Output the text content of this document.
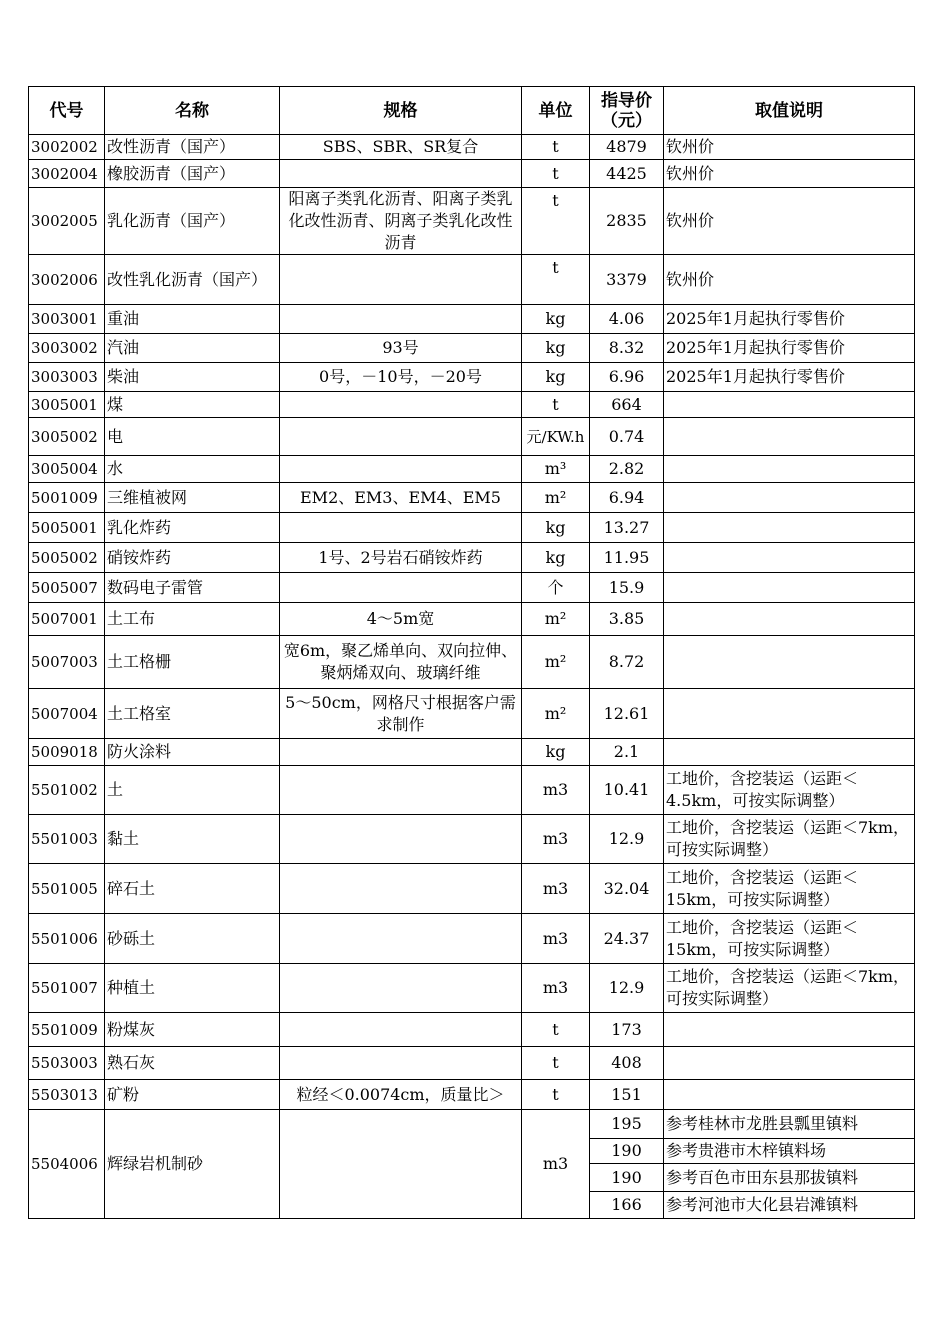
代号	名称	规格	单位	指导价（元）	取值说明
3002002	改性沥青（国产）	SBS、SBR、SR复合	t	4879	钦州价
3002004	橡胶沥青（国产）		t	4425	钦州价
3002005	乳化沥青（国产）	阳离子类乳化沥青、阳离子类乳化改性沥青、阴离子类乳化改性沥青	t	2835	钦州价
3002006	改性乳化沥青（国产）		t	3379	钦州价
3003001	重油		kg	4.06	2025年1月起执行零售价
3003002	汽油	93号	kg	8.32	2025年1月起执行零售价
3003003	柴油	0号，－10号，－20号	kg	6.96	2025年1月起执行零售价
3005001	煤		t	664	
3005002	电		元/KW.h	0.74	
3005004	水		m³	2.82	
5001009	三维植被网	EM2、EM3、EM4、EM5	m²	6.94	
5005001	乳化炸药		kg	13.27	
5005002	硝铵炸药	1号、2号岩石硝铵炸药	kg	11.95	
5005007	数码电子雷管		个	15.9	
5007001	土工布	4～5m宽	m²	3.85	
5007003	土工格栅	宽6m，聚乙烯单向、双向拉伸、聚炳烯双向、玻璃纤维	m²	8.72	
5007004	土工格室	5～50cm，网格尺寸根据客户需求制作	m²	12.61	
5009018	防火涂料		kg	2.1	
5501002	土		m3	10.41	工地价，含挖装运（运距＜4.5km，可按实际调整）
5501003	黏土		m3	12.9	工地价，含挖装运（运距＜7km，可按实际调整）
5501005	碎石土		m3	32.04	工地价，含挖装运（运距＜15km，可按实际调整）
5501006	砂砾土		m3	24.37	工地价，含挖装运（运距＜15km，可按实际调整）
5501007	种植土		m3	12.9	工地价，含挖装运（运距＜7km，可按实际调整）
5501009	粉煤灰		t	173	
5503003	熟石灰		t	408	
5503013	矿粉	粒经＜0.0074cm，质量比＞	t	151	
5504006	辉绿岩机制砂		m3	195	参考桂林市龙胜县瓢里镇料
				190	参考贵港市木梓镇料场
				190	参考百色市田东县那拔镇料
				166	参考河池市大化县岩滩镇料
